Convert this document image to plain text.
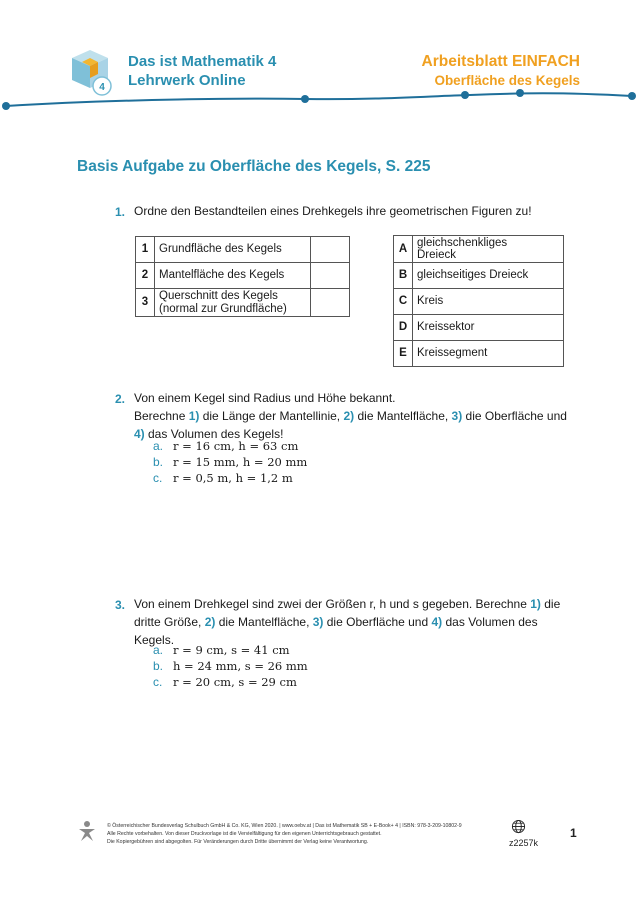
4
Das ist Mathematik 4
Lehrwerk Online
Arbeitsblatt EINFACH
Oberfläche des Kegels
Basis Aufgabe zu Oberfläche des Kegels, S. 225
1. Ordne den Bestandteilen eines Drehkegels ihre geometrischen Figuren zu!
1	Grundfläche des Kegels	
2	Mantelfläche des Kegels	
3	Querschnitt des Kegels
(normal zur Grundfläche)	
A	gleichschenkliges
Dreieck
B	gleichseitiges Dreieck
C	Kreis
D	Kreissektor
E	Kreissegment
2. Von einem Kegel sind Radius und Höhe bekannt.
Berechne 1) die Länge der Mantellinie, 2) die Mantelfläche, 3) die Oberfläche und
4) das Volumen des Kegels!
a. r = 16 cm, h = 63 cm
b. r = 15 mm, h = 20 mm
c. r = 0,5 m, h = 1,2 m
3. Von einem Drehkegel sind zwei der Größen r, h und s gegeben. Berechne 1) die
dritte Größe, 2) die Mantelfläche, 3) die Oberfläche und 4) das Volumen des
Kegels.
a. r = 9 cm, s = 41 cm
b. h = 24 mm, s = 26 mm
c. r = 20 cm, s = 29 cm
© Österreichischer Bundesverlag Schulbuch GmbH & Co. KG, Wien 2020. | www.oebv.at | Das ist Mathematik SB + E-Book+ 4 | ISBN: 978-3-209-10802-9
Alle Rechte vorbehalten. Von dieser Druckvorlage ist die Vervielfältigung für den eigenen Unterrichtsgebrauch gestattet.
Die Kopiergebühren sind abgegolten. Für Veränderungen durch Dritte übernimmt der Verlag keine Verantwortung.	z2257k
1
